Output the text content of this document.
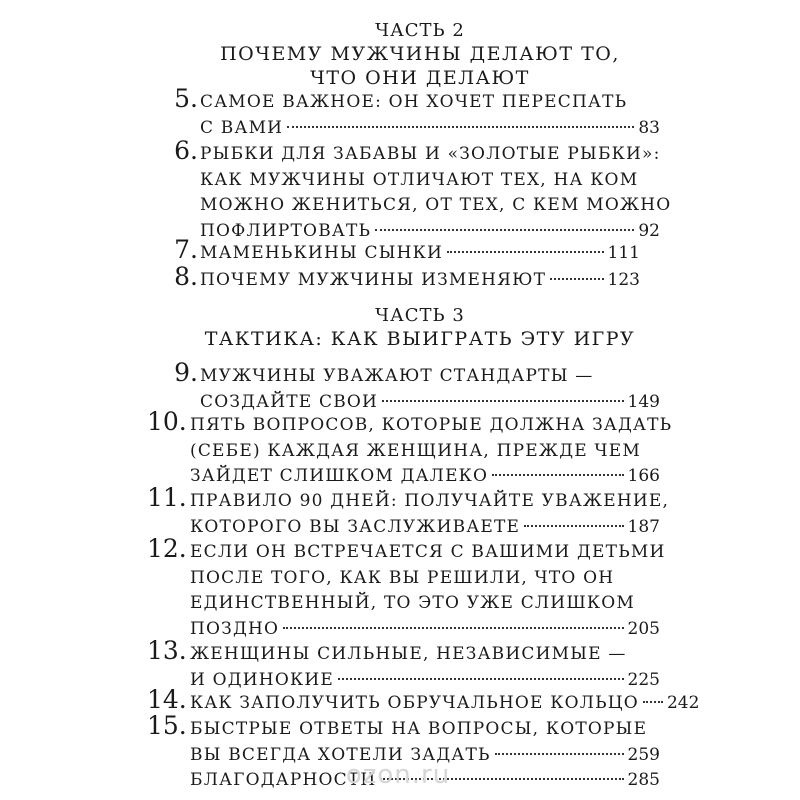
ЧАСТЬ 2
ПОЧЕМУ МУЖЧИНЫ ДЕЛАЮТ ТО,
ЧТО ОНИ ДЕЛАЮТ
ЧАСТЬ 3
ТАКТИКА: КАК ВЫИГРАТЬ ЭТУ ИГРУ
5. САМОЕ ВАЖНОЕ: ОН ХОЧЕТ ПЕРЕСПАТЬ
С ВАМИ	83
6. РЫБКИ ДЛЯ ЗАБАВЫ И «ЗОЛОТЫЕ РЫБКИ»:
КАК МУЖЧИНЫ ОТЛИЧАЮТ ТЕХ, НА КОМ
МОЖНО ЖЕНИТЬСЯ, ОТ ТЕХ, С КЕМ МОЖНО
ПОФЛИРТОВАТЬ	92
7. МАМЕНЬКИНЫ СЫНКИ	111
8. ПОЧЕМУ МУЖЧИНЫ ИЗМЕНЯЮТ	123
9. МУЖЧИНЫ УВАЖАЮТ СТАНДАРТЫ —
СОЗДАЙТЕ СВОИ	149
10. ПЯТЬ ВОПРОСОВ, КОТОРЫЕ ДОЛЖНА ЗАДАТЬ
(СЕБЕ) КАЖДАЯ ЖЕНЩИНА, ПРЕЖДЕ ЧЕМ
ЗАЙДЕТ СЛИШКОМ ДАЛЕКО	166
11. ПРАВИЛО 90 ДНЕЙ: ПОЛУЧАЙТЕ УВАЖЕНИЕ,
КОТОРОГО ВЫ ЗАСЛУЖИВАЕТЕ	187
12. ЕСЛИ ОН ВСТРЕЧАЕТСЯ С ВАШИМИ ДЕТЬМИ
ПОСЛЕ ТОГО, КАК ВЫ РЕШИЛИ, ЧТО ОН
ЕДИНСТВЕННЫЙ, ТО ЭТО УЖЕ СЛИШКОМ
ПОЗДНО	205
13. ЖЕНЩИНЫ СИЛЬНЫЕ, НЕЗАВИСИМЫЕ —
И ОДИНОКИЕ	225
14. КАК ЗАПОЛУЧИТЬ ОБРУЧАЛЬНОЕ КОЛЬЦО 242
15. БЫСТРЫЕ ОТВЕТЫ НА ВОПРОСЫ, КОТОРЫЕ
ВЫ ВСЕГДА ХОТЕЛИ ЗАДАТЬ	259
БЛАГОДАРНОСТИ	285
ozon.ru
